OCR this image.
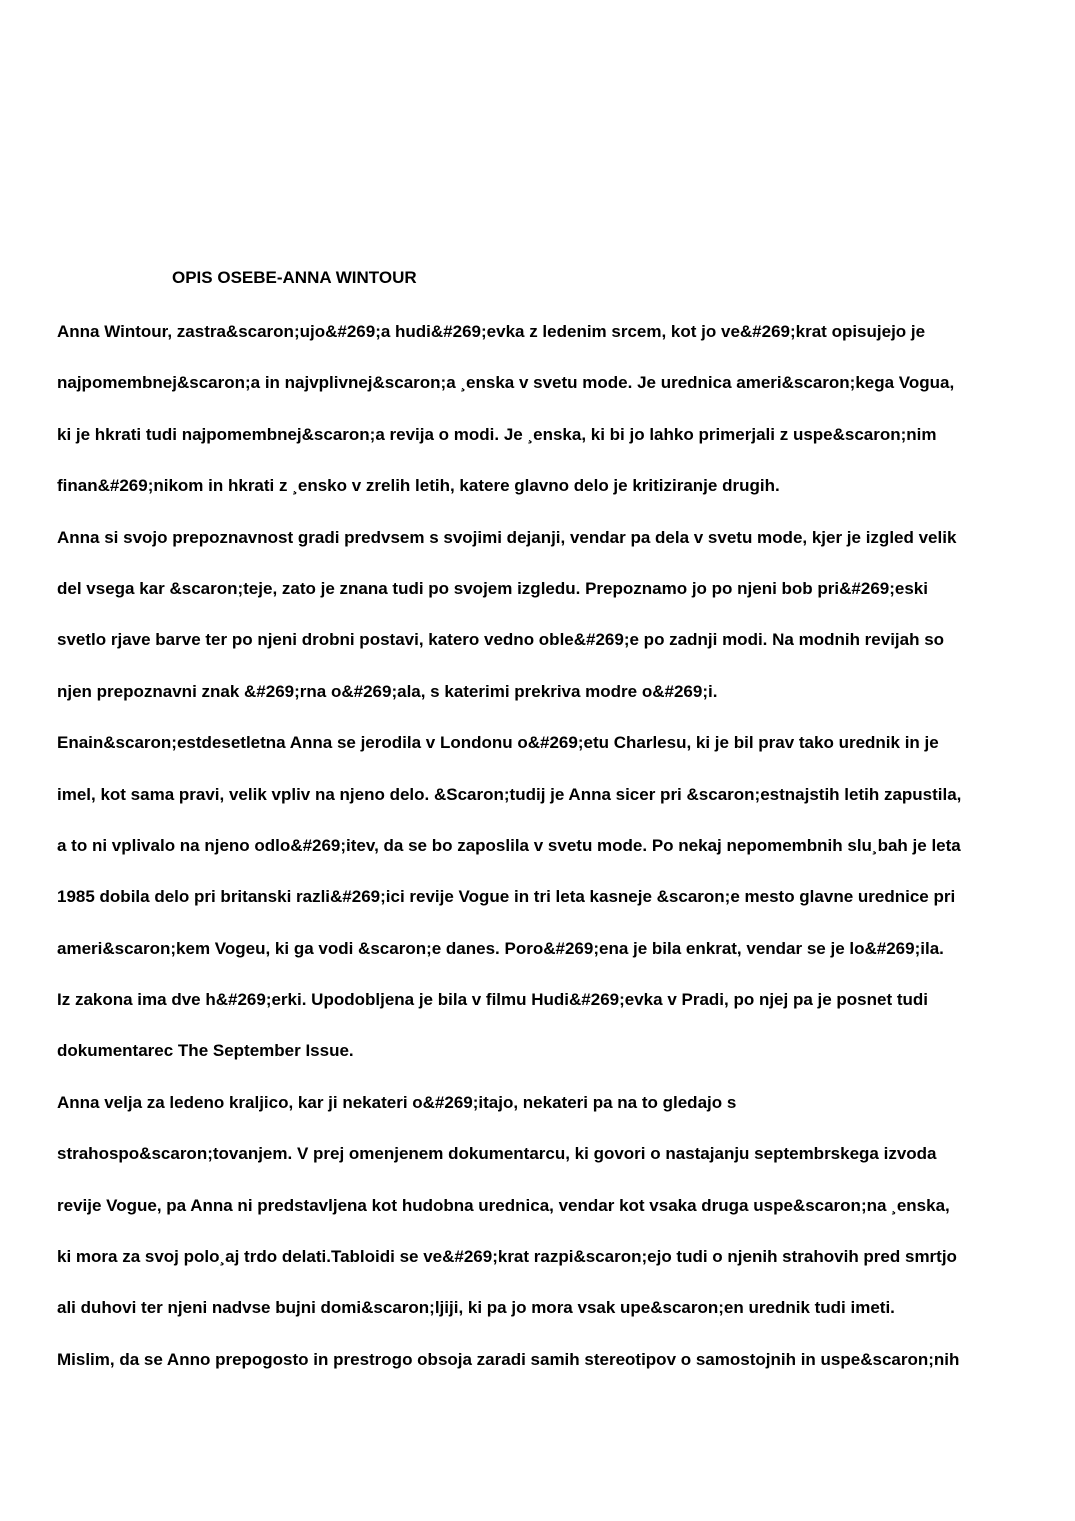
OPIS OSEBE-ANNA WINTOUR
Anna Wintour, zastra&scaron;ujo&#269;a hudi&#269;evka z ledenim srcem, kot jo ve&#269;krat opisujejo je
najpomembnej&scaron;a in najvplivnej&scaron;a ¸enska v svetu mode. Je urednica ameri&scaron;kega Vogua,
ki je hkrati tudi najpomembnej&scaron;a revija o modi. Je ¸enska, ki bi jo lahko primerjali z uspe&scaron;nim
finan&#269;nikom in hkrati z ¸ensko v zrelih letih, katere glavno delo je kritiziranje drugih.
Anna si svojo prepoznavnost gradi predvsem s svojimi dejanji, vendar pa dela v svetu mode, kjer je izgled velik
del vsega kar &scaron;teje, zato je znana tudi po svojem izgledu. Prepoznamo jo po njeni bob pri&#269;eski
svetlo rjave barve ter po njeni drobni postavi, katero vedno oble&#269;e po zadnji modi. Na modnih revijah so
njen prepoznavni znak &#269;rna o&#269;ala, s katerimi prekriva modre o&#269;i.
Enain&scaron;estdesetletna Anna se jerodila v Londonu o&#269;etu Charlesu, ki je bil prav tako urednik in je
imel, kot sama pravi, velik vpliv na njeno delo. &Scaron;tudij je Anna sicer pri &scaron;estnajstih letih zapustila,
a to ni vplivalo na njeno odlo&#269;itev, da se bo zaposlila v svetu mode. Po nekaj nepomembnih slu¸bah je leta
1985 dobila delo pri britanski razli&#269;ici revije Vogue in tri leta kasneje &scaron;e mesto glavne urednice pri
ameri&scaron;kem Vogeu, ki ga vodi &scaron;e danes. Poro&#269;ena je bila enkrat, vendar se je lo&#269;ila.
Iz zakona ima dve h&#269;erki. Upodobljena je bila v filmu Hudi&#269;evka v Pradi, po njej pa je posnet tudi
dokumentarec The September Issue.
Anna velja za ledeno kraljico, kar ji nekateri o&#269;itajo, nekateri pa na to gledajo s
strahospo&scaron;tovanjem. V prej omenjenem dokumentarcu, ki govori o nastajanju septembrskega izvoda
revije Vogue, pa Anna ni predstavljena kot hudobna urednica, vendar kot vsaka druga uspe&scaron;na ¸enska,
ki mora za svoj polo¸aj trdo delati.Tabloidi se ve&#269;krat razpi&scaron;ejo tudi o njenih strahovih pred smrtjo
ali duhovi ter njeni nadvse bujni domi&scaron;ljiji, ki pa jo mora vsak upe&scaron;en urednik tudi imeti.
Mislim, da se Anno prepogosto in prestrogo obsoja zaradi samih stereotipov o samostojnih in uspe&scaron;nih
